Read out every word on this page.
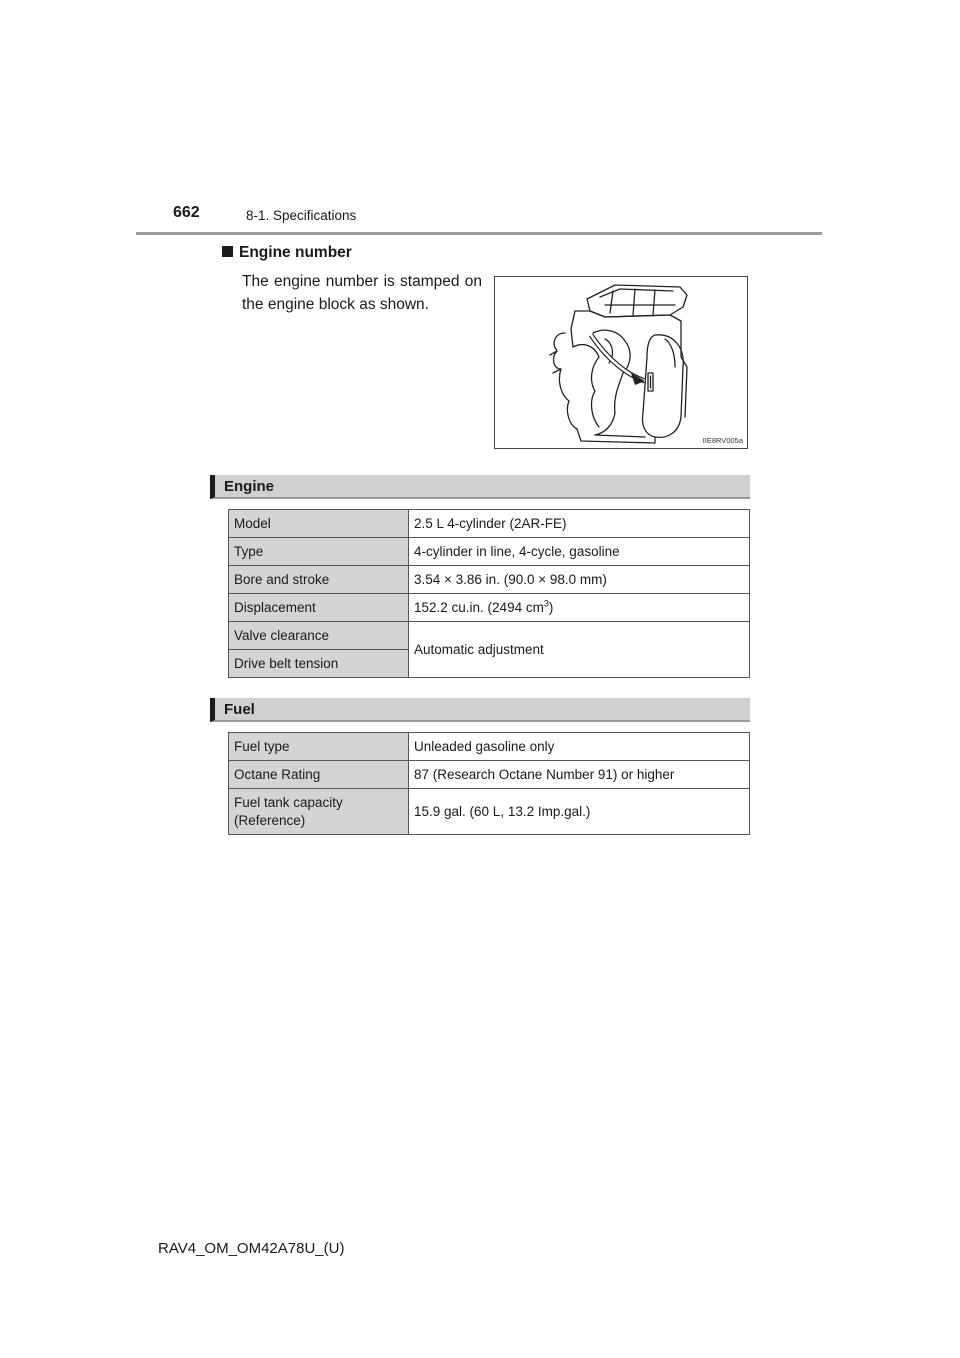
662	8-1. Specifications
Engine number
The engine number is stamped on the engine block as shown.
IIE8RV005a
Engine
Model	2.5 L 4-cylinder (2AR-FE)
Type	4-cylinder in line, 4-cycle, gasoline
Bore and stroke	3.54 × 3.86 in. (90.0 × 98.0 mm)
Displacement	152.2 cu.in. (2494 $cm^3$)
Valve clearance	Automatic adjustment
Drive belt tension	
Fuel
Fuel type	Unleaded gasoline only
Octane Rating	87 (Research Octane Number 91) or higher
Fuel tank capacity
(Reference)	15.9 gal. (60 L, 13.2 Imp.gal.)
RAV4_OM_OM42A78U_(U)
